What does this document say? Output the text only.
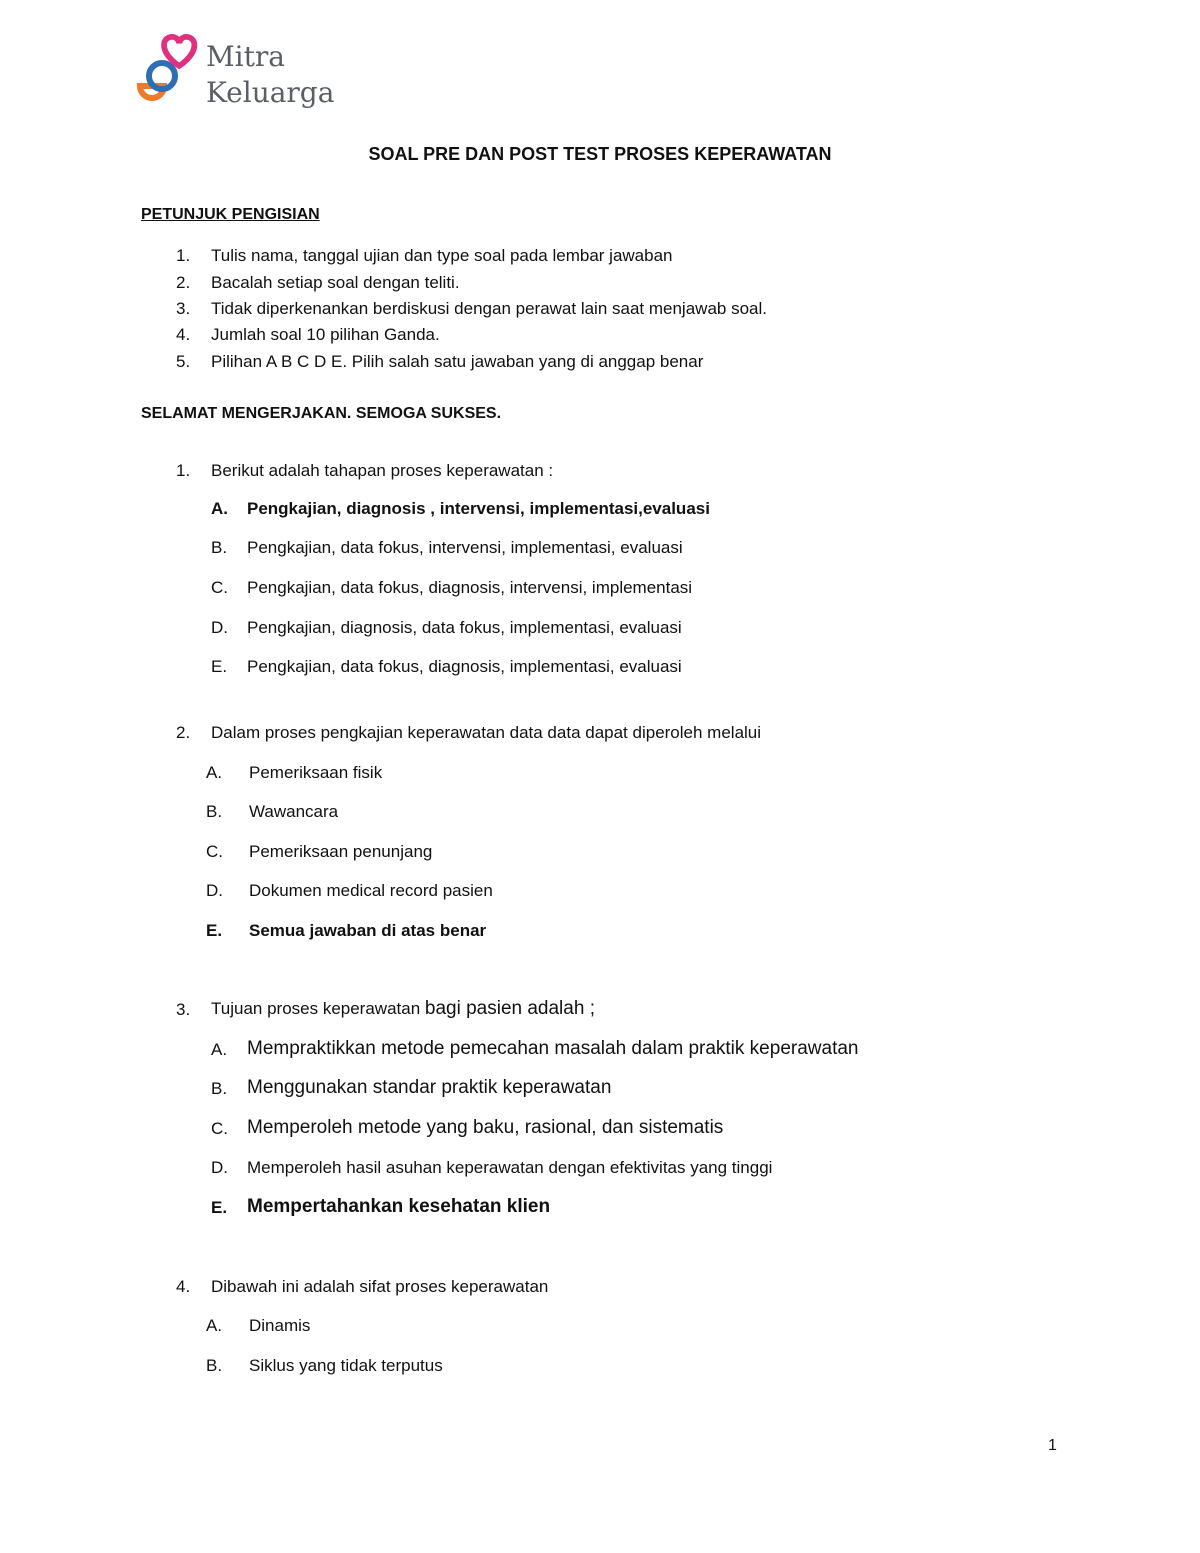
Mitra
Keluarga
SOAL PRE DAN POST TEST PROSES KEPERAWATAN
PETUNJUK PENGISIAN
1. Tulis nama, tanggal ujian dan type soal pada lembar jawaban
2. Bacalah setiap soal dengan teliti.
3. Tidak diperkenankan berdiskusi dengan perawat lain saat menjawab soal.
4. Jumlah soal 10 pilihan Ganda.
5. Pilihan A B C D E. Pilih salah satu jawaban yang di anggap benar
SELAMAT MENGERJAKAN. SEMOGA SUKSES.
1. Berikut adalah tahapan proses keperawatan :
A. Pengkajian, diagnosis , intervensi, implementasi,evaluasi
B. Pengkajian, data fokus, intervensi, implementasi, evaluasi
C. Pengkajian, data fokus, diagnosis, intervensi, implementasi
D. Pengkajian, diagnosis, data fokus, implementasi, evaluasi
E. Pengkajian, data fokus, diagnosis, implementasi, evaluasi
2. Dalam proses pengkajian keperawatan data data dapat diperoleh melalui
A. Pemeriksaan fisik
B. Wawancara
C. Pemeriksaan penunjang
D. Dokumen medical record pasien
E. Semua jawaban di atas benar
3. Tujuan proses keperawatan bagi pasien adalah ;
A. Mempraktikkan metode pemecahan masalah dalam praktik keperawatan
B. Menggunakan standar praktik keperawatan
C. Memperoleh metode yang baku, rasional, dan sistematis
D. Memperoleh hasil asuhan keperawatan dengan efektivitas yang tinggi
E. Mempertahankan kesehatan klien
4. Dibawah ini adalah sifat proses keperawatan
A. Dinamis
B. Siklus yang tidak terputus
1
